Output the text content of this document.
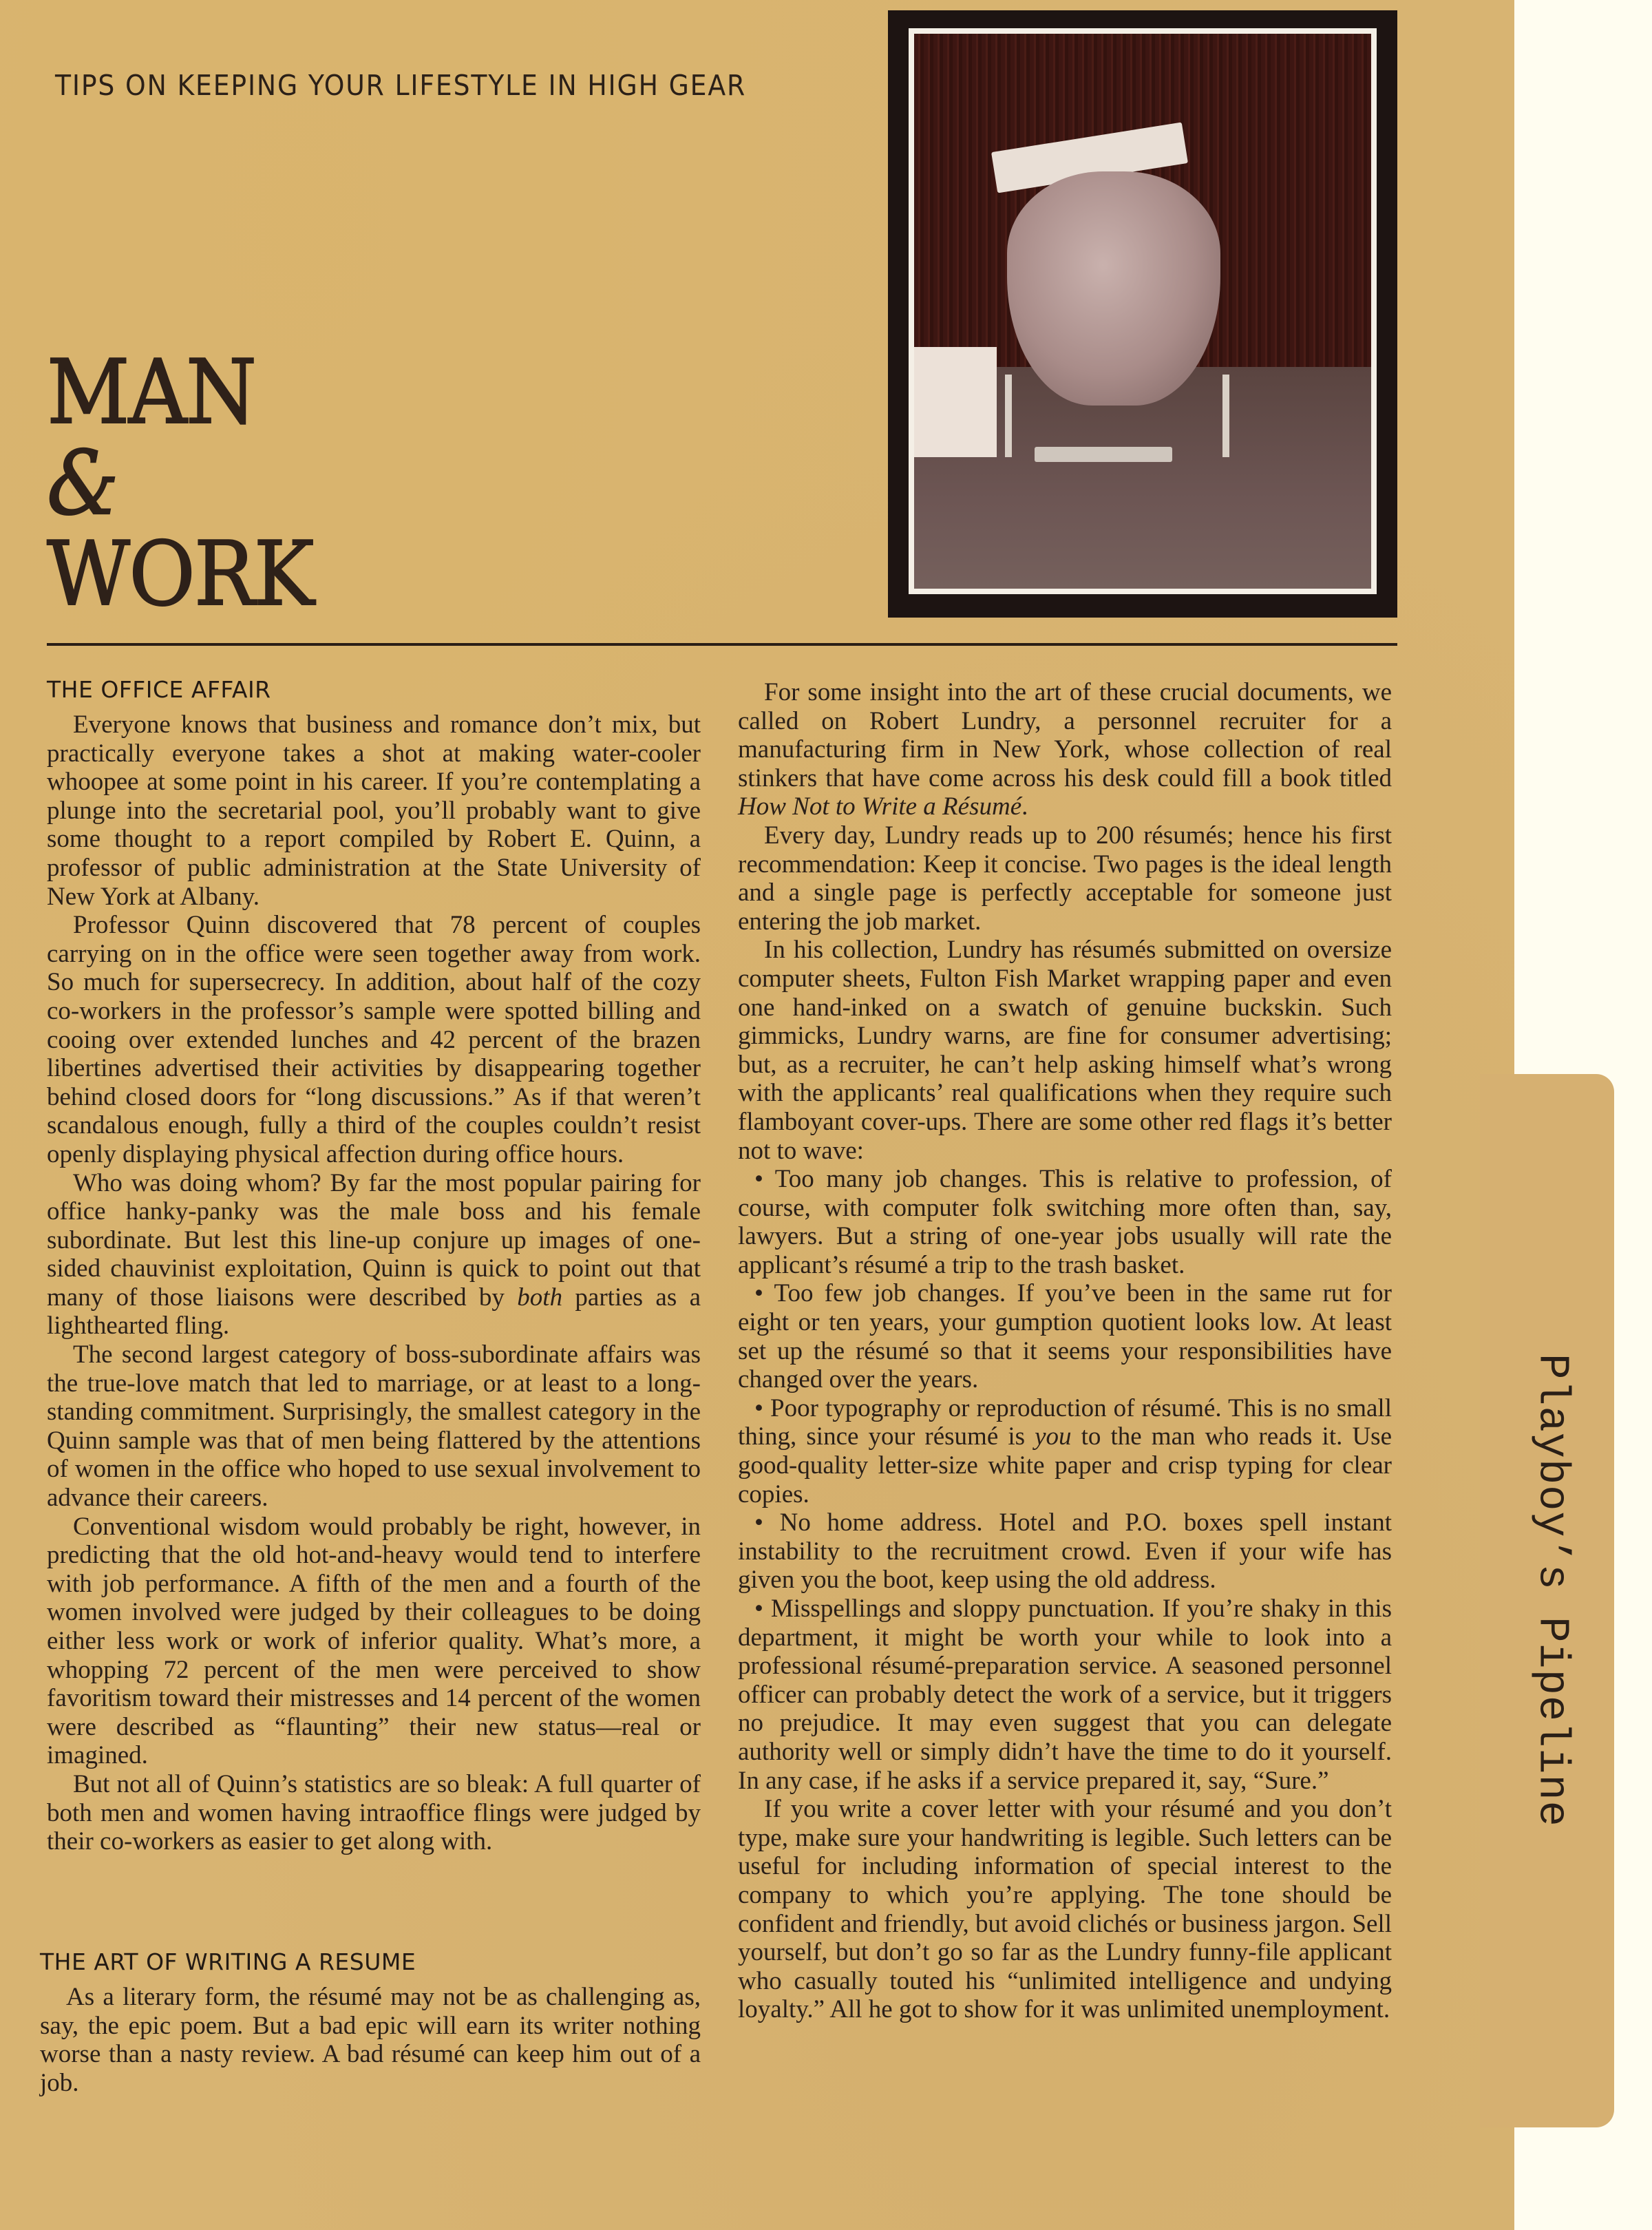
Playboy’s Pipeline
TIPS ON KEEPING YOUR LIFESTYLE IN HIGH GEAR
MAN
&
WORK
THE OFFICE AFFAIR

Everyone knows that business and romance don’t mix, but practically everyone takes a shot at making water-cooler whoopee at some point in his career. If you’re contemplating a plunge into the secretarial pool, you’ll probably want to give some thought to a report compiled by Robert E. Quinn, a professor of public administration at the State University of New York at Albany.

Professor Quinn discovered that 78 percent of couples carrying on in the office were seen together away from work. So much for supersecrecy. In addition, about half of the cozy co-workers in the professor’s sample were spotted billing and cooing over extended lunches and 42 percent of the brazen libertines advertised their activities by disappearing together behind closed doors for “long discussions.” As if that weren’t scandalous enough, fully a third of the couples couldn’t resist openly displaying physical affection during office hours.

Who was doing whom? By far the most popular pairing for office hanky-panky was the male boss and his female subordinate. But lest this line-up conjure up images of one-sided chauvinist exploitation, Quinn is quick to point out that many of those liaisons were described by both parties as a lighthearted fling.

The second largest category of boss-subordinate affairs was the true-love match that led to marriage, or at least to a long-standing commitment. Surprisingly, the smallest category in the Quinn sample was that of men being flattered by the attentions of women in the office who hoped to use sexual involvement to advance their careers.

Conventional wisdom would probably be right, however, in predicting that the old hot-and-heavy would tend to interfere with job performance. A fifth of the men and a fourth of the women involved were judged by their colleagues to be doing either less work or work of inferior quality. What’s more, a whopping 72 percent of the men were perceived to show favoritism toward their mistresses and 14 percent of the women were described as “flaunting” their new status—real or imagined.

But not all of Quinn’s statistics are so bleak: A full quarter of both men and women having intraoffice flings were judged by their co-workers as easier to get along with.

THE ART OF WRITING A RESUME

As a literary form, the résumé may not be as challenging as, say, the epic poem. But a bad epic will earn its writer nothing worse than a nasty review. A bad résumé can keep him out of a job.

For some insight into the art of these crucial documents, we called on Robert Lundry, a personnel recruiter for a manufacturing firm in New York, whose collection of real stinkers that have come across his desk could fill a book titled How Not to Write a Résumé.

Every day, Lundry reads up to 200 résumés; hence his first recommendation: Keep it concise. Two pages is the ideal length and a single page is perfectly acceptable for someone just entering the job market.

In his collection, Lundry has résumés submitted on oversize computer sheets, Fulton Fish Market wrapping paper and even one hand-inked on a swatch of genuine buckskin. Such gimmicks, Lundry warns, are fine for consumer advertising; but, as a recruiter, he can’t help asking himself what’s wrong with the applicants’ real qualifications when they require such flamboyant cover-ups. There are some other red flags it’s better not to wave:

• Too many job changes. This is relative to profession, of course, with computer folk switching more often than, say, lawyers. But a string of one-year jobs usually will rate the applicant’s résumé a trip to the trash basket.

• Too few job changes. If you’ve been in the same rut for eight or ten years, your gumption quotient looks low. At least set up the résumé so that it seems your responsibilities have changed over the years.

• Poor typography or reproduction of résumé. This is no small thing, since your résumé is you to the man who reads it. Use good-quality letter-size white paper and crisp typing for clear copies.

• No home address. Hotel and P.O. boxes spell instant instability to the recruitment crowd. Even if your wife has given you the boot, keep using the old address.

• Misspellings and sloppy punctuation. If you’re shaky in this department, it might be worth your while to look into a professional résumé-preparation service. A seasoned personnel officer can probably detect the work of a service, but it triggers no prejudice. It may even suggest that you can delegate authority well or simply didn’t have the time to do it yourself. In any case, if he asks if a service prepared it, say, “Sure.”

If you write a cover letter with your résumé and you don’t type, make sure your handwriting is legible. Such letters can be useful for including information of special interest to the company to which you’re applying. The tone should be confident and friendly, but avoid clichés or business jargon. Sell yourself, but don’t go so far as the Lundry funny-file applicant who casually touted his “unlimited intelligence and undying loyalty.” All he got to show for it was unlimited unemployment.
